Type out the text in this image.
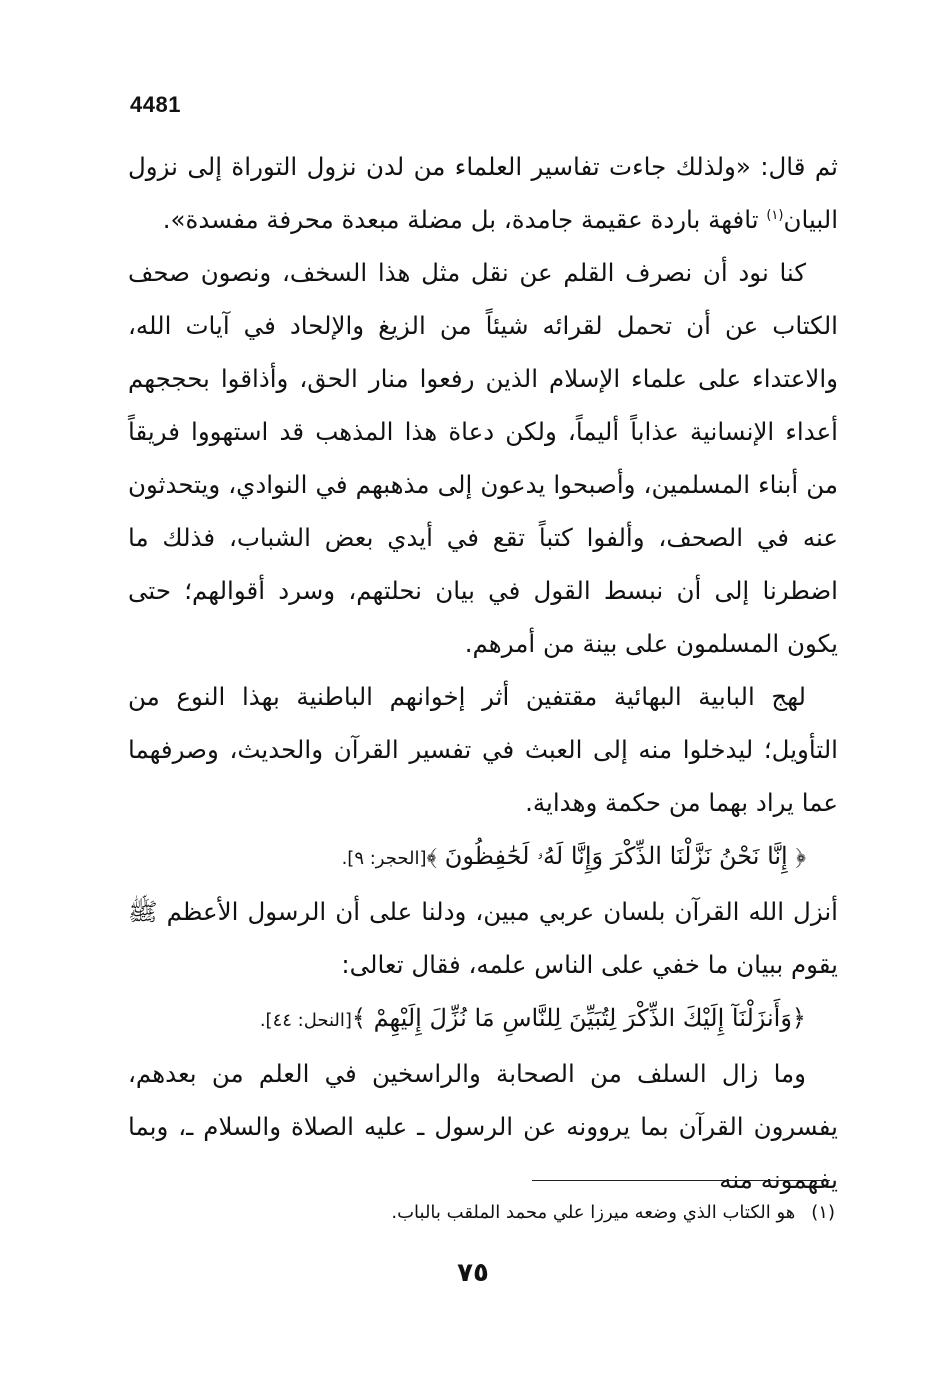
4481

ثم قال: «ولذلك جاءت تفاسير العلماء من لدن نزول التوراة إلى نزول البيان$^{(١)}$ تافهة باردة عقيمة جامدة، بل مضلة مبعدة محرفة مفسدة».

كنا نود أن نصرف القلم عن نقل مثل هذا السخف، ونصون صحف الكتاب عن أن تحمل لقرائه شيئاً من الزيغ والإلحاد في آيات الله، والاعتداء على علماء الإسلام الذين رفعوا منار الحق، وأذاقوا بحججهم أعداء الإنسانية عذاباً أليماً، ولكن دعاة هذا المذهب قد استهووا فريقاً من أبناء المسلمين، وأصبحوا يدعون إلى مذهبهم في النوادي، ويتحدثون عنه في الصحف، وألفوا كتباً تقع في أيدي بعض الشباب، فذلك ما اضطرنا إلى أن نبسط القول في بيان نحلتهم، وسرد أقوالهم؛ حتى يكون المسلمون على بينة من أمرهم.

لهج البابية البهائية مقتفين أثر إخوانهم الباطنية بهذا النوع من التأويل؛ ليدخلوا منه إلى العبث في تفسير القرآن والحديث، وصرفهما عما يراد بهما من حكمة وهداية.

﴿ إِنَّا نَحْنُ نَزَّلْنَا الذِّكْرَ وَإِنَّا لَهُۥ لَحَٰفِظُونَ ﴾[الحجر: ٩].

أنزل الله القرآن بلسان عربي مبين، ودلنا على أن الرسول الأعظم ﷺ يقوم ببيان ما خفي على الناس علمه، فقال تعالى:

﴿وَأَنزَلْنَآ إِلَيْكَ الذِّكْرَ لِتُبَيِّنَ لِلنَّاسِ مَا نُزِّلَ إِلَيْهِمْ ﴾[النحل: ٤٤].

وما زال السلف من الصحابة والراسخين في العلم من بعدهم، يفسرون القرآن بما يروونه عن الرسول ـ عليه الصلاة والسلام ـ، وبما يفهمونه منه

(١)هو الكتاب الذي وضعه ميرزا علي محمد الملقب بالباب.
٧٥
